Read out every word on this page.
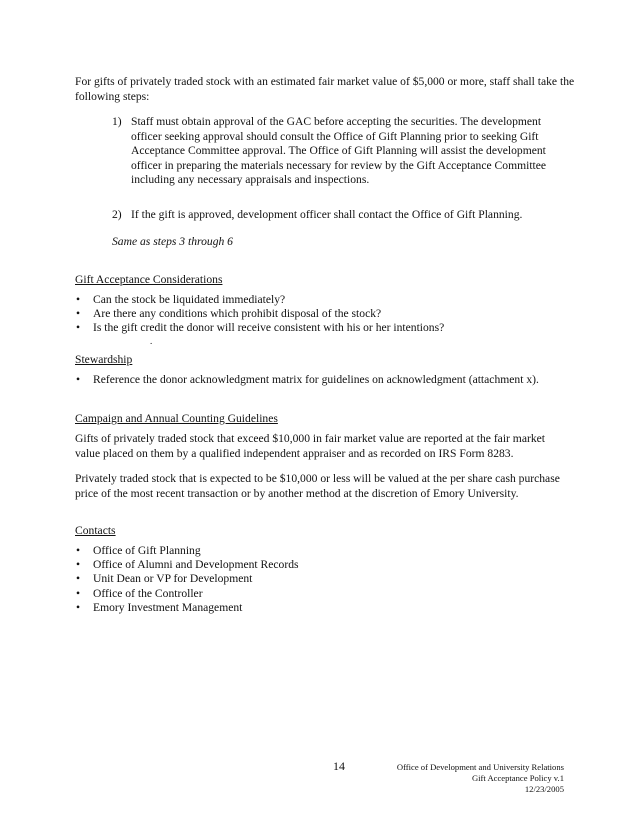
For gifts of privately traded stock with an estimated fair market value of $5,000 or more, staff shall take the following steps:
1) Staff must obtain approval of the GAC before accepting the securities. The development officer seeking approval should consult the Office of Gift Planning prior to seeking Gift Acceptance Committee approval. The Office of Gift Planning will assist the development officer in preparing the materials necessary for review by the Gift Acceptance Committee including any necessary appraisals and inspections.
2) If the gift is approved, development officer shall contact the Office of Gift Planning.
Same as steps 3 through 6
Gift Acceptance Considerations
• Can the stock be liquidated immediately?
• Are there any conditions which prohibit disposal of the stock?
• Is the gift credit the donor will receive consistent with his or her intentions?
.
Stewardship
• Reference the donor acknowledgment matrix for guidelines on acknowledgment (attachment x).
Campaign and Annual Counting Guidelines
Gifts of privately traded stock that exceed $10,000 in fair market value are reported at the fair market value placed on them by a qualified independent appraiser and as recorded on IRS Form 8283.
Privately traded stock that is expected to be $10,000 or less will be valued at the per share cash purchase price of the most recent transaction or by another method at the discretion of Emory University.
Contacts
• Office of Gift Planning
• Office of Alumni and Development Records
• Unit Dean or VP for Development
• Office of the Controller
• Emory Investment Management
14	Office of Development and University Relations
Gift Acceptance Policy v.1
12/23/2005
